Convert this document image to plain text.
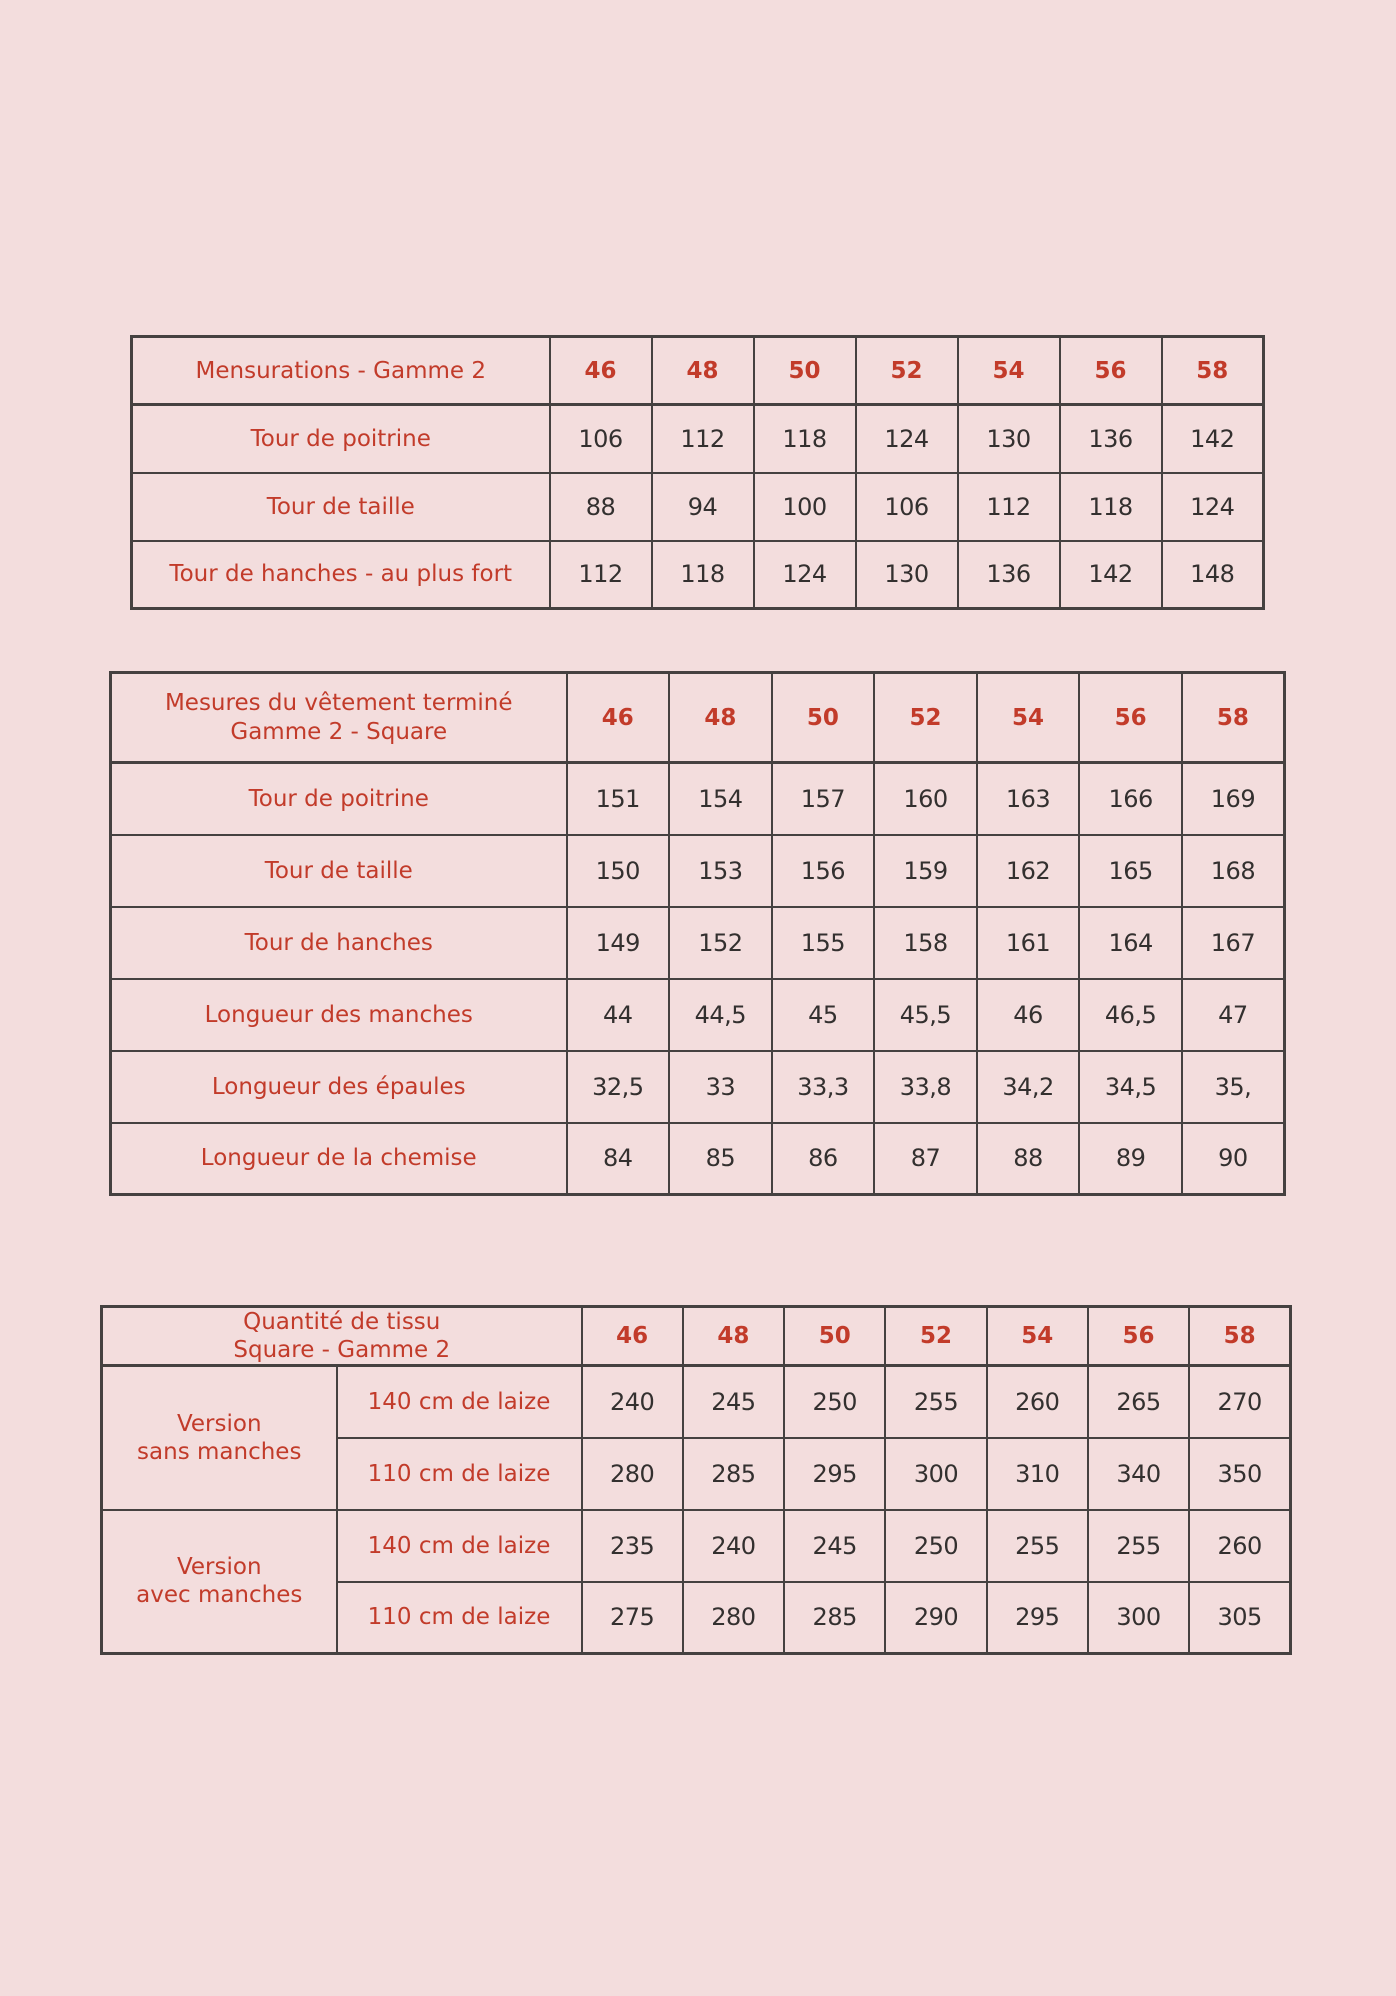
Mensurations - Gamme 2	46	48	50	52	54	56	58
Tour de poitrine	106	112	118	124	130	136	142
Tour de taille	88	94	100	106	112	118	124
Tour de hanches - au plus fort	112	118	124	130	136	142	148
Mesures du vêtement terminé
Gamme 2 - Square	46	48	50	52	54	56	58
Tour de poitrine	151	154	157	160	163	166	169
Tour de taille	150	153	156	159	162	165	168
Tour de hanches	149	152	155	158	161	164	167
Longueur des manches	44	44,5	45	45,5	46	46,5	47
Longueur des épaules	32,5	33	33,3	33,8	34,2	34,5	35,
Longueur de la chemise	84	85	86	87	88	89	90
Quantité de tissu
Square - Gamme 2		46	48	50	52	54	56	58

Version
sans manches	140 cm de laize	240	245	250	255	260	265	270
	110 cm de laize	280	285	295	300	310	340	350

Version
avec manches	140 cm de laize	235	240	245	250	255	255	260
	110 cm de laize	275	280	285	290	295	300	305
